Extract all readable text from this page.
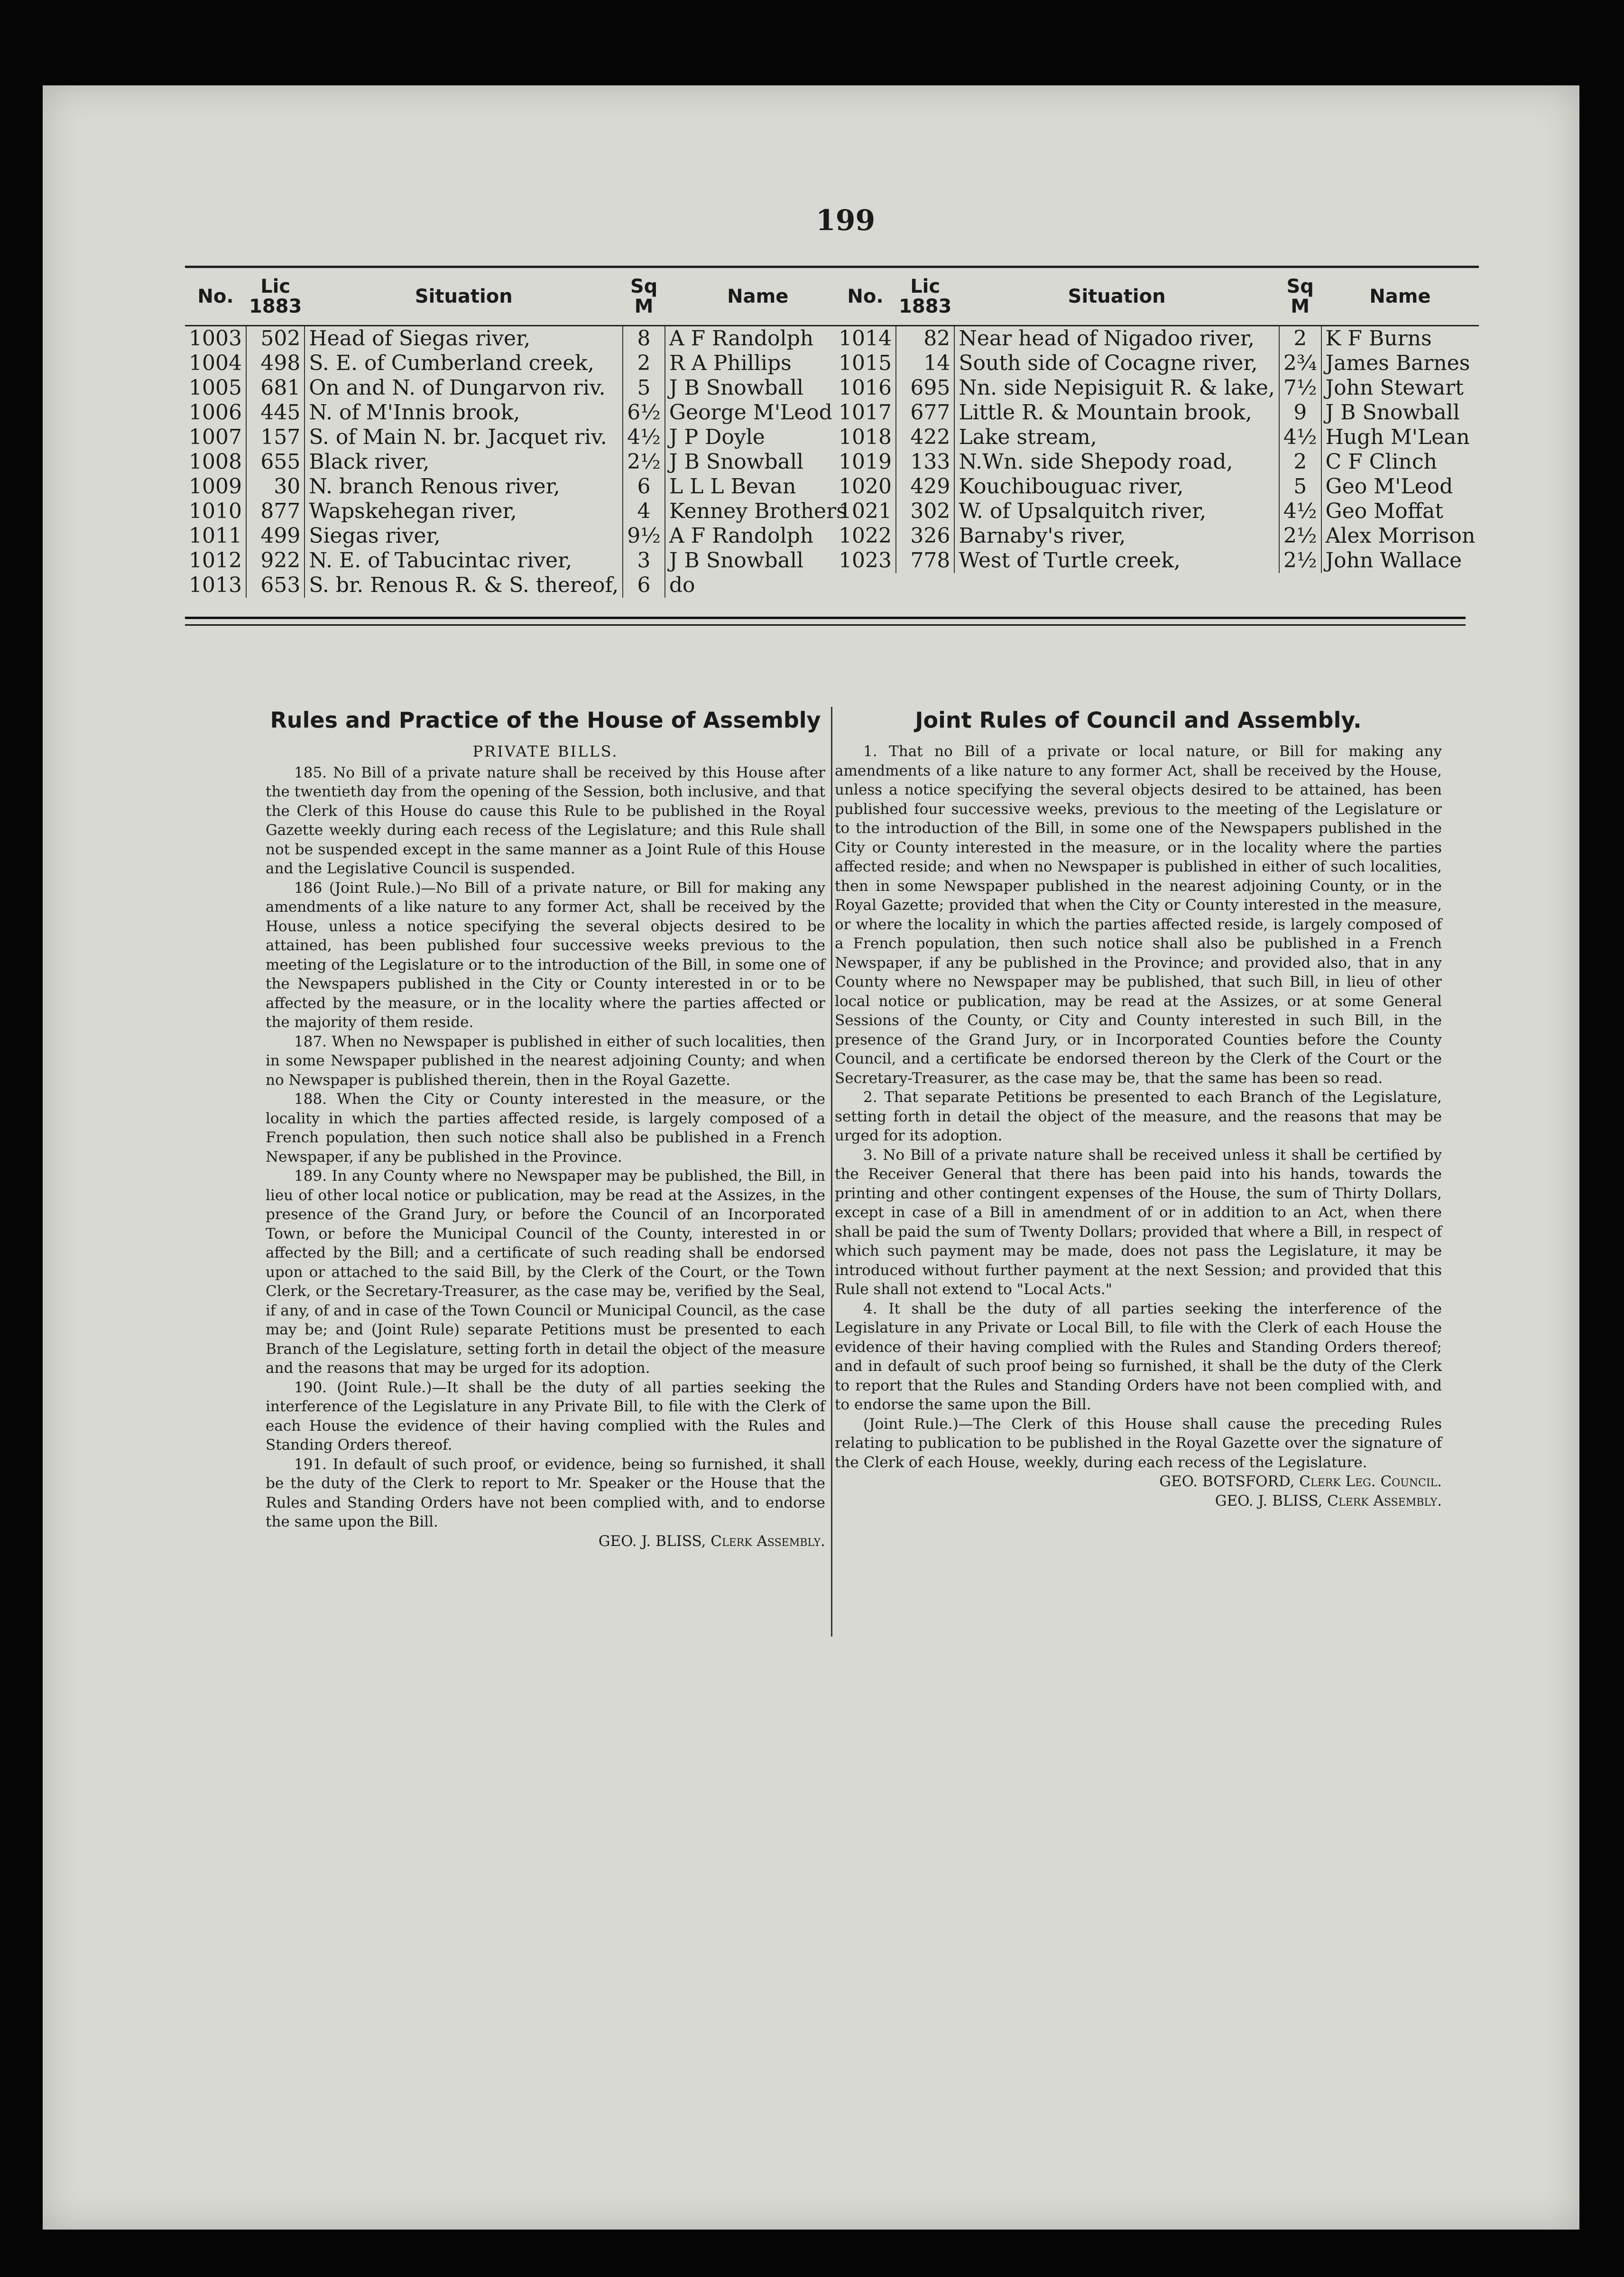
199
No.	Lic 1883	Situation	Sq M	Name
1003	502	Head of Siegas river,	8	A F Randolph
1004	498	S. E. of Cumberland creek,	2	R A Phillips
1005	681	On and N. of Dungarvon riv.	5	J B Snowball
1006	445	N. of M'Innis brook,	6½	George M'Leod
1007	157	S. of Main N. br. Jacquet riv.	4½	J P Doyle
1008	655	Black river,	2½	J B Snowball
1009	30	N. branch Renous river,	6	L L L Bevan
1010	877	Wapskehegan river,	4	Kenney Brothers
1011	499	Siegas river,	9½	A F Randolph
1012	922	N. E. of Tabucintac river,	3	J B Snowball
1013	653	S. br. Renous R. & S. thereof,	6	do
No.	Lic 1883	Situation	Sq M	Name
1014	82	Near head of Nigadoo river,	2	K F Burns
1015	14	South side of Cocagne river,	2¾	James Barnes
1016	695	Nn. side Nepisiguit R. & lake,	7½	John Stewart
1017	677	Little R. & Mountain brook,	9	J B Snowball
1018	422	Lake stream,	4½	Hugh M'Lean
1019	133	N.Wn. side Shepody road,	2	C F Clinch
1020	429	Kouchibouguac river,	5	Geo M'Leod
1021	302	W. of Upsalquitch river,	4½	Geo Moffat
1022	326	Barnaby's river,	2½	Alex Morrison
1023	778	West of Turtle creek,	2½	John Wallace
Rules and Practice of the House of Assembly
PRIVATE BILLS.

185. No Bill of a private nature shall be received by this House after the twentieth day from the opening of the Session, both inclusive, and that the Clerk of this House do cause this Rule to be published in the Royal Gazette weekly during each recess of the Legislature; and this Rule shall not be suspended except in the same manner as a Joint Rule of this House and the Legislative Council is suspended.

186 (Joint Rule.)—No Bill of a private nature, or Bill for making any amendments of a like nature to any former Act, shall be received by the House, unless a notice specifying the several objects desired to be attained, has been published four successive weeks previous to the meeting of the Legislature or to the introduction of the Bill, in some one of the Newspapers published in the City or County interested in or to be affected by the measure, or in the locality where the parties affected or the majority of them reside.

187. When no Newspaper is published in either of such localities, then in some Newspaper published in the nearest adjoining County; and when no Newspaper is published therein, then in the Royal Gazette.

188. When the City or County interested in the measure, or the locality in which the parties affected reside, is largely composed of a French population, then such notice shall also be published in a French Newspaper, if any be published in the Province.

189. In any County where no Newspaper may be published, the Bill, in lieu of other local notice or publication, may be read at the Assizes, in the presence of the Grand Jury, or before the Council of an Incorporated Town, or before the Municipal Council of the County, interested in or affected by the Bill; and a certificate of such reading shall be endorsed upon or attached to the said Bill, by the Clerk of the Court, or the Town Clerk, or the Secretary-Treasurer, as the case may be, verified by the Seal, if any, of and in case of the Town Council or Municipal Council, as the case may be; and (Joint Rule) separate Petitions must be presented to each Branch of the Legislature, setting forth in detail the object of the measure and the reasons that may be urged for its adoption.

190. (Joint Rule.)—It shall be the duty of all parties seeking the interference of the Legislature in any Private Bill, to file with the Clerk of each House the evidence of their having complied with the Rules and Standing Orders thereof.

191. In default of such proof, or evidence, being so furnished, it shall be the duty of the Clerk to report to Mr. Speaker or the House that the Rules and Standing Orders have not been complied with, and to endorse the same upon the Bill.

GEO. J. BLISS, Clerk Assembly.

Joint Rules of Council and Assembly.

1. That no Bill of a private or local nature, or Bill for making any amendments of a like nature to any former Act, shall be received by the House, unless a notice specifying the several objects desired to be attained, has been published four successive weeks, previous to the meeting of the Legislature or to the introduction of the Bill, in some one of the Newspapers published in the City or County interested in the measure, or in the locality where the parties affected reside; and when no Newspaper is published in either of such localities, then in some Newspaper published in the nearest adjoining County, or in the Royal Gazette; provided that when the City or County interested in the measure, or where the locality in which the parties affected reside, is largely composed of a French population, then such notice shall also be published in a French Newspaper, if any be published in the Province; and provided also, that in any County where no Newspaper may be published, that such Bill, in lieu of other local notice or publication, may be read at the Assizes, or at some General Sessions of the County, or City and County interested in such Bill, in the presence of the Grand Jury, or in Incorporated Counties before the County Council, and a certificate be endorsed thereon by the Clerk of the Court or the Secretary-Treasurer, as the case may be, that the same has been so read.

2. That separate Petitions be presented to each Branch of the Legislature, setting forth in detail the object of the measure, and the reasons that may be urged for its adoption.

3. No Bill of a private nature shall be received unless it shall be certified by the Receiver General that there has been paid into his hands, towards the printing and other contingent expenses of the House, the sum of Thirty Dollars, except in case of a Bill in amendment of or in addition to an Act, when there shall be paid the sum of Twenty Dollars; provided that where a Bill, in respect of which such payment may be made, does not pass the Legislature, it may be introduced without further payment at the next Session; and provided that this Rule shall not extend to "Local Acts."

4. It shall be the duty of all parties seeking the interference of the Legislature in any Private or Local Bill, to file with the Clerk of each House the evidence of their having complied with the Rules and Standing Orders thereof; and in default of such proof being so furnished, it shall be the duty of the Clerk to report that the Rules and Standing Orders have not been complied with, and to endorse the same upon the Bill.

(Joint Rule.)—The Clerk of this House shall cause the preceding Rules relating to publication to be published in the Royal Gazette over the signature of the Clerk of each House, weekly, during each recess of the Legislature.

GEO. BOTSFORD, Clerk Leg. Council.

GEO. J. BLISS, Clerk Assembly.
